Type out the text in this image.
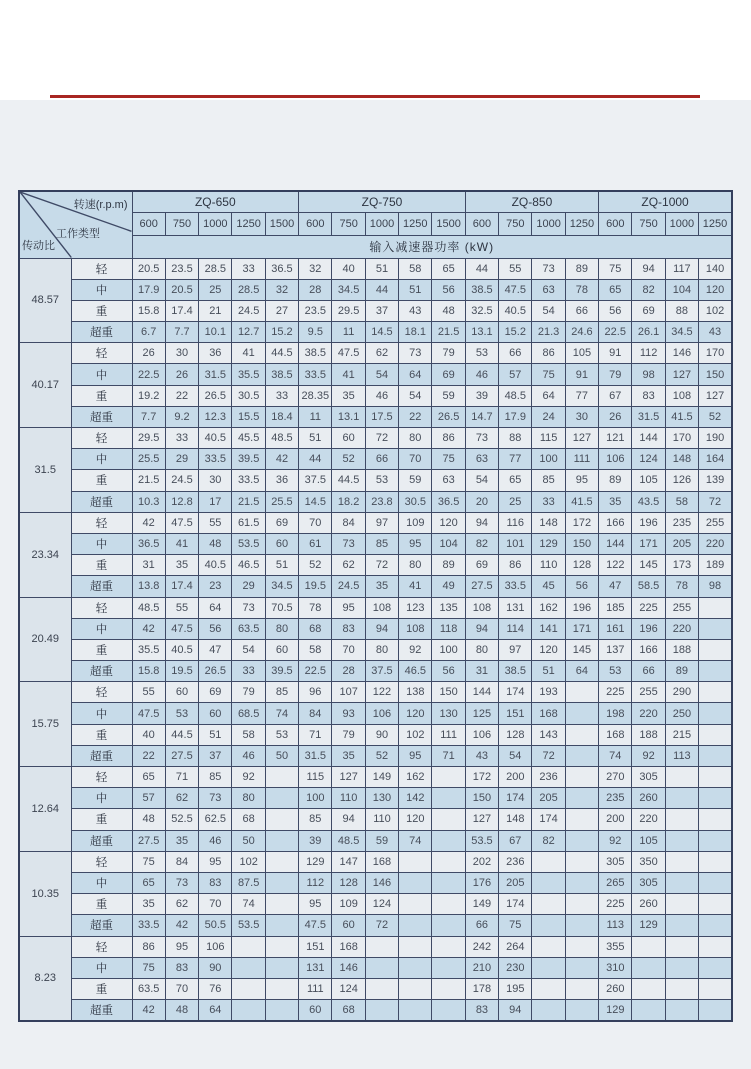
转速(r.p.m)
工作类型
传动比		ZQ-650					ZQ-750					ZQ-850				ZQ-1000			
		600	750	1000	1250	1500	600	750	1000	1250	1500	600	750	1000	1250	600	750	1000	1250
		输入减速器功率 (kW)																	
48.57	轻	20.5	23.5	28.5	33	36.5	32	40	51	58	65	44	55	73	89	75	94	117	140
	中	17.9	20.5	25	28.5	32	28	34.5	44	51	56	38.5	47.5	63	78	65	82	104	120
	重	15.8	17.4	21	24.5	27	23.5	29.5	37	43	48	32.5	40.5	54	66	56	69	88	102
	超重	6.7	7.7	10.1	12.7	15.2	9.5	11	14.5	18.1	21.5	13.1	15.2	21.3	24.6	22.5	26.1	34.5	43
40.17	轻	26	30	36	41	44.5	38.5	47.5	62	73	79	53	66	86	105	91	112	146	170
	中	22.5	26	31.5	35.5	38.5	33.5	41	54	64	69	46	57	75	91	79	98	127	150
	重	19.2	22	26.5	30.5	33	28.35	35	46	54	59	39	48.5	64	77	67	83	108	127
	超重	7.7	9.2	12.3	15.5	18.4	11	13.1	17.5	22	26.5	14.7	17.9	24	30	26	31.5	41.5	52
31.5	轻	29.5	33	40.5	45.5	48.5	51	60	72	80	86	73	88	115	127	121	144	170	190
	中	25.5	29	33.5	39.5	42	44	52	66	70	75	63	77	100	111	106	124	148	164
	重	21.5	24.5	30	33.5	36	37.5	44.5	53	59	63	54	65	85	95	89	105	126	139
	超重	10.3	12.8	17	21.5	25.5	14.5	18.2	23.8	30.5	36.5	20	25	33	41.5	35	43.5	58	72
23.34	轻	42	47.5	55	61.5	69	70	84	97	109	120	94	116	148	172	166	196	235	255
	中	36.5	41	48	53.5	60	61	73	85	95	104	82	101	129	150	144	171	205	220
	重	31	35	40.5	46.5	51	52	62	72	80	89	69	86	110	128	122	145	173	189
	超重	13.8	17.4	23	29	34.5	19.5	24.5	35	41	49	27.5	33.5	45	56	47	58.5	78	98
20.49	轻	48.5	55	64	73	70.5	78	95	108	123	135	108	131	162	196	185	225	255	
	中	42	47.5	56	63.5	80	68	83	94	108	118	94	114	141	171	161	196	220	
	重	35.5	40.5	47	54	60	58	70	80	92	100	80	97	120	145	137	166	188	
	超重	15.8	19.5	26.5	33	39.5	22.5	28	37.5	46.5	56	31	38.5	51	64	53	66	89	
15.75	轻	55	60	69	79	85	96	107	122	138	150	144	174	193		225	255	290	
	中	47.5	53	60	68.5	74	84	93	106	120	130	125	151	168		198	220	250	
	重	40	44.5	51	58	53	71	79	90	102	111	106	128	143		168	188	215	
	超重	22	27.5	37	46	50	31.5	35	52	95	71	43	54	72		74	92	113	
12.64	轻	65	71	85	92		115	127	149	162		172	200	236		270	305		
	中	57	62	73	80		100	110	130	142		150	174	205		235	260		
	重	48	52.5	62.5	68		85	94	110	120		127	148	174		200	220		
	超重	27.5	35	46	50		39	48.5	59	74		53.5	67	82		92	105		
10.35	轻	75	84	95	102		129	147	168			202	236			305	350		
	中	65	73	83	87.5		112	128	146			176	205			265	305		
	重	35	62	70	74		95	109	124			149	174			225	260		
	超重	33.5	42	50.5	53.5		47.5	60	72			66	75			113	129		
8.23	轻	86	95	106			151	168				242	264			355			
	中	75	83	90			131	146				210	230			310			
	重	63.5	70	76			111	124				178	195			260			
	超重	42	48	64			60	68				83	94			129			
